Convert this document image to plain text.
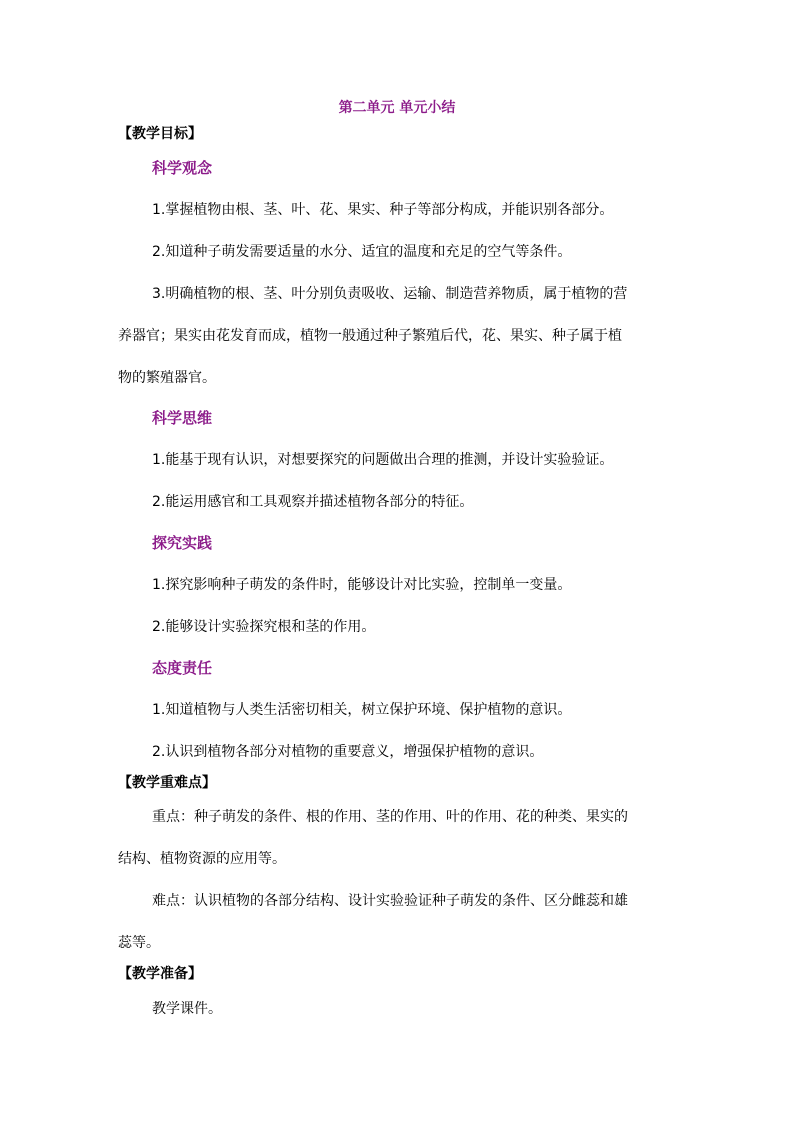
第二单元 单元小结
【教学目标】
科学观念
1.掌握植物由根、茎、叶、花、果实、种子等部分构成，并能识别各部分。
2.知道种子萌发需要适量的水分、适宜的温度和充足的空气等条件。
3.明确植物的根、茎、叶分别负责吸收、运输、制造营养物质，属于植物的营
养器官；果实由花发育而成，植物一般通过种子繁殖后代，花、果实、种子属于植
物的繁殖器官。
科学思维
1.能基于现有认识，对想要探究的问题做出合理的推测，并设计实验验证。
2.能运用感官和工具观察并描述植物各部分的特征。
探究实践
1.探究影响种子萌发的条件时，能够设计对比实验，控制单一变量。
2.能够设计实验探究根和茎的作用。
态度责任
1.知道植物与人类生活密切相关，树立保护环境、保护植物的意识。
2.认识到植物各部分对植物的重要意义，增强保护植物的意识。
【教学重难点】
重点：种子萌发的条件、根的作用、茎的作用、叶的作用、花的种类、果实的
结构、植物资源的应用等。
难点：认识植物的各部分结构、设计实验验证种子萌发的条件、区分雌蕊和雄
蕊等。
【教学准备】
教学课件。
